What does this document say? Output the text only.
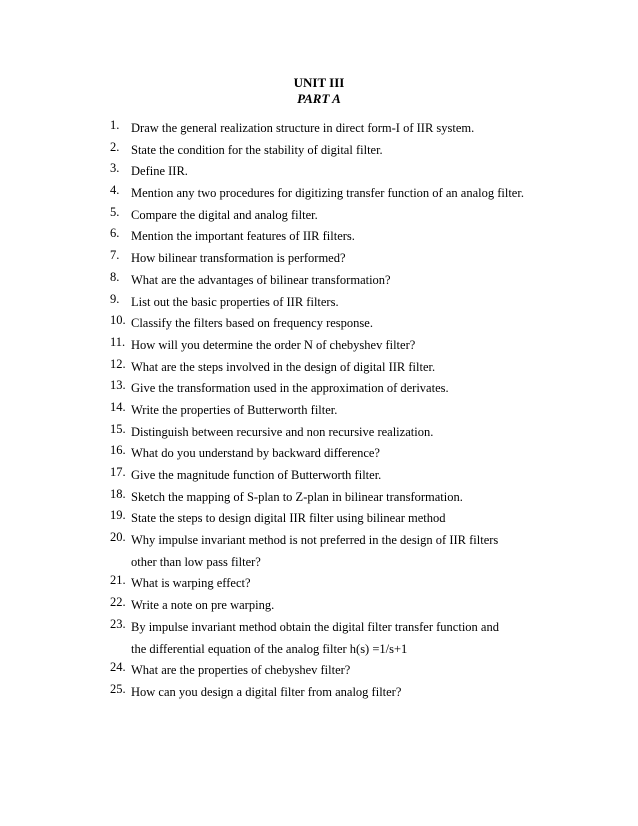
UNIT III
PART A
1. Draw the general realization structure in direct form-I of IIR system.
2. State the condition for the stability of digital filter.
3. Define IIR.
4. Mention any two procedures for digitizing transfer function of an analog filter.
5. Compare the digital and analog filter.
6. Mention the important features of IIR filters.
7. How bilinear transformation is performed?
8. What are the advantages of bilinear transformation?
9. List out the basic properties of IIR filters.
10. Classify the filters based on frequency response.
11. How will you determine the order N of chebyshev filter?
12. What are the steps involved in the design of digital IIR filter.
13. Give the transformation used in the approximation of derivates.
14. Write the properties of Butterworth filter.
15. Distinguish between recursive and non recursive realization.
16. What do you understand by backward difference?
17. Give the magnitude function of Butterworth filter.
18. Sketch the mapping of S-plan to Z-plan in bilinear transformation.
19. State the steps to design digital IIR filter using bilinear method
20. Why impulse invariant method is not preferred in the design of IIR filters
other than low pass filter?
21. What is warping effect?
22. Write a note on pre warping.
23. By impulse invariant method obtain the digital filter transfer function and
the differential equation of the analog filter h(s) =1/s+1
24. What are the properties of chebyshev filter?
25. How can you design a digital filter from analog filter?
